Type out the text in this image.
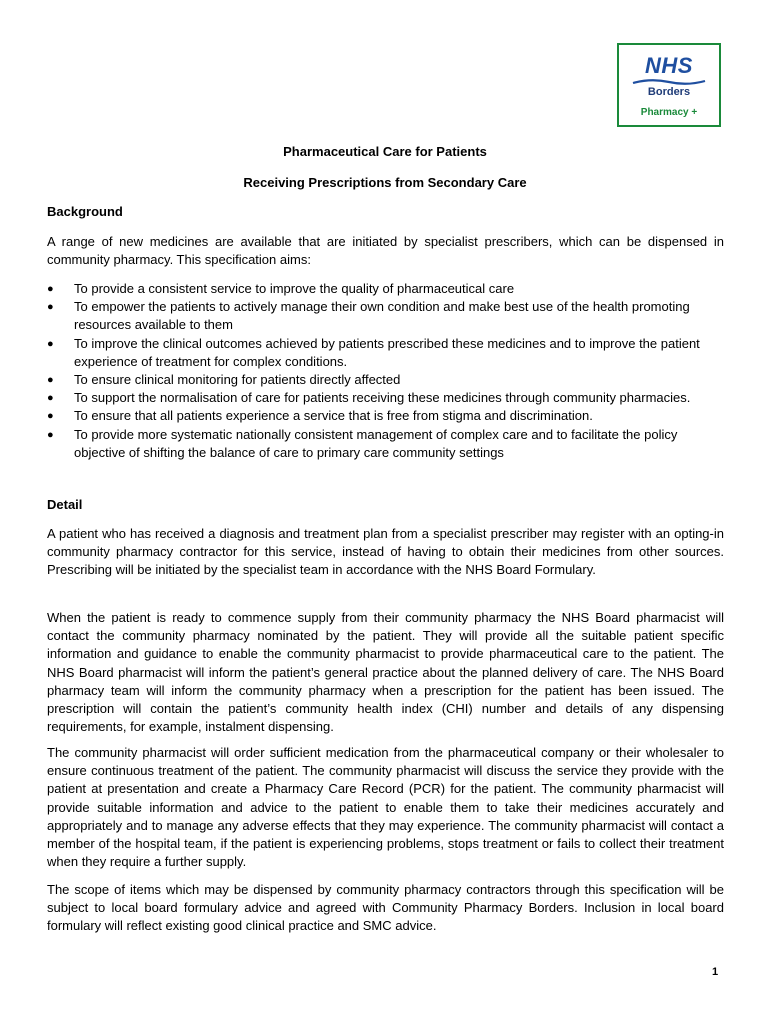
NHS
Borders
Pharmacy +
Pharmaceutical Care for Patients
Receiving Prescriptions from Secondary Care
Background
A range of new medicines are available that are initiated by specialist prescribers, which can be dispensed in community pharmacy. This specification aims:
● To provide a consistent service to improve the quality of pharmaceutical care
● To empower the patients to actively manage their own condition and make best use of the health promoting resources available to them
● To improve the clinical outcomes achieved by patients prescribed these medicines and to improve the patient experience of treatment for complex conditions.
● To ensure clinical monitoring for patients directly affected
● To support the normalisation of care for patients receiving these medicines through community pharmacies.
● To ensure that all patients experience a service that is free from stigma and discrimination.
● To provide more systematic nationally consistent management of complex care and to facilitate the policy objective of shifting the balance of care to primary care community settings
Detail
A patient who has received a diagnosis and treatment plan from a specialist prescriber may register with an opting-in community pharmacy contractor for this service, instead of having to obtain their medicines from other sources. Prescribing will be initiated by the specialist team in accordance with the NHS Board Formulary.
When the patient is ready to commence supply from their community pharmacy the NHS Board pharmacist will contact the community pharmacy nominated by the patient. They will provide all the suitable patient specific information and guidance to enable the community pharmacist to provide pharmaceutical care to the patient. The NHS Board pharmacist will inform the patient’s general practice about the planned delivery of care. The NHS Board pharmacy team will inform the community pharmacy when a prescription for the patient has been issued. The prescription will contain the patient’s community health index (CHI) number and details of any dispensing requirements, for example, instalment dispensing.
The community pharmacist will order sufficient medication from the pharmaceutical company or their wholesaler to ensure continuous treatment of the patient. The community pharmacist will discuss the service they provide with the patient at presentation and create a Pharmacy Care Record (PCR) for the patient. The community pharmacist will provide suitable information and advice to the patient to enable them to take their medicines accurately and appropriately and to manage any adverse effects that they may experience. The community pharmacist will contact a member of the hospital team, if the patient is experiencing problems, stops treatment or fails to collect their treatment when they require a further supply.
The scope of items which may be dispensed by community pharmacy contractors through this specification will be subject to local board formulary advice and agreed with Community Pharmacy Borders. Inclusion in local board formulary will reflect existing good clinical practice and SMC advice.
1
